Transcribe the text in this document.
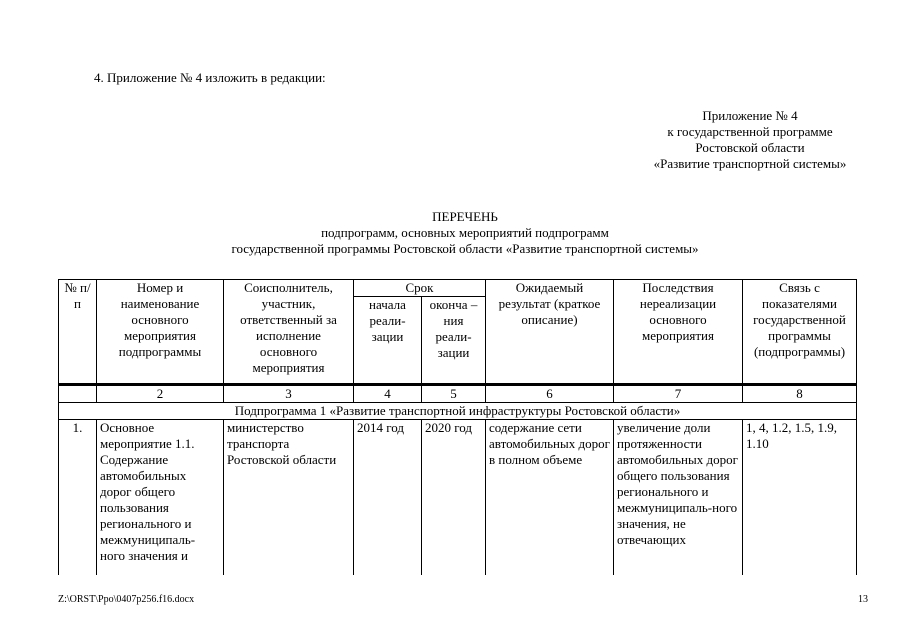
4. Приложение № 4 изложить в редакции:
Приложение № 4
к государственной программе
Ростовской области
«Развитие транспортной системы»
ПЕРЕЧЕНЬ
подпрограмм, основных мероприятий подпрограмм
государственной программы Ростовской области «Развитие транспортной системы»
№ п/п	Номер и наименование основного мероприятия подпрограммы	Соисполнитель, участник, ответственный за исполнение основного мероприятия	Срок		Ожидаемый результат (краткое описание)	Последствия нереализации основного мероприятия	Связь с показателями государственной программы (подпрограммы)
			начала реали-зации	оконча – ния реали-зации			
	2	3	4	5	6	7	8
Подпрограмма 1 «Развитие транспортной инфраструктуры Ростовской области»							
1.	Основное мероприятие 1.1. Содержание автомобильных дорог общего пользования регионального и межмуниципаль-ного значения и	министерство транспорта Ростовской области	2014 год	2020 год	содержание сети автомобильных дорог в полном объеме	увеличение доли протяженности автомобильных дорог общего пользования регионального и межмуниципаль-ного значения, не отвечающих	1, 4, 1.2, 1.5, 1.9, 1.10
Z:\ORST\Ppo\0407p256.f16.docx	13
